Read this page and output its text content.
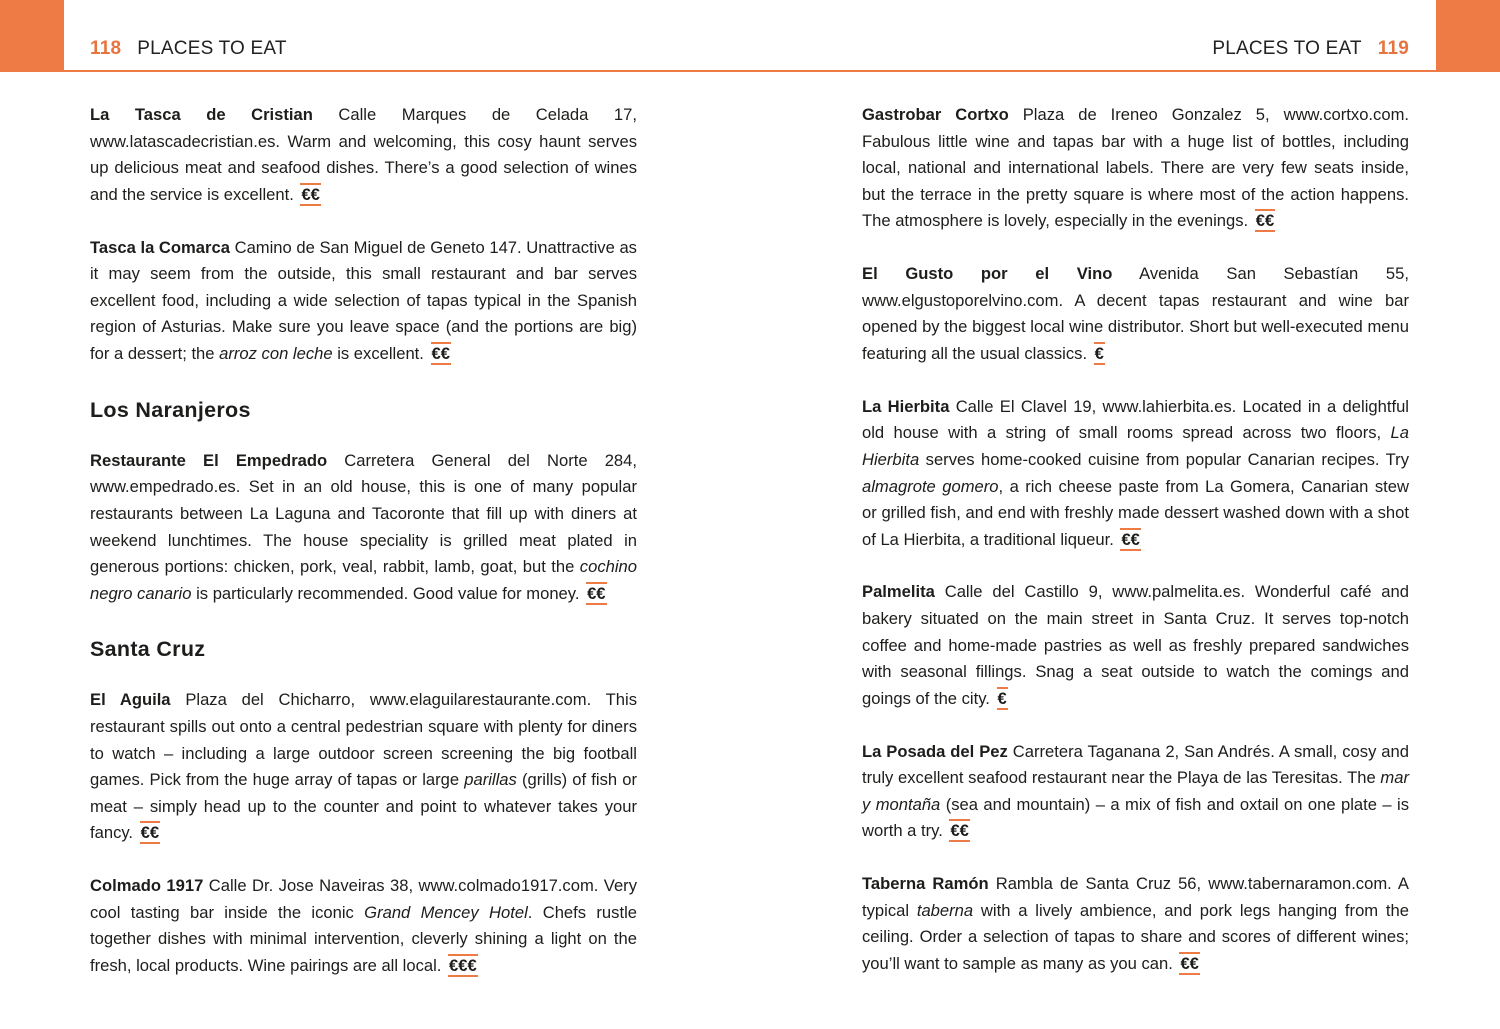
118 PLACES TO EAT	PLACES TO EAT 119

La Tasca de Cristian Calle Marques de Celada 17, www.latascadecristian.es. Warm and welcoming, this cosy haunt serves up delicious meat and seafood dishes. There’s a good selection of wines and the service is excellent. €€

Tasca la Comarca Camino de San Miguel de Geneto 147. Unattractive as it may seem from the outside, this small restaurant and bar serves excellent food, including a wide selection of tapas typical in the Spanish region of Asturias. Make sure you leave space (and the portions are big) for a dessert; the arroz con leche is excellent. €€

Los Naranjeros

Restaurante El Empedrado Carretera General del Norte 284, www.empedrado.es. Set in an old house, this is one of many popular restaurants between La Laguna and Tacoronte that fill up with diners at weekend lunchtimes. The house speciality is grilled meat plated in generous portions: chicken, pork, veal, rabbit, lamb, goat, but the cochino negro canario is particularly recommended. Good value for money. €€

Santa Cruz

El Aguila Plaza del Chicharro, www.elaguilarestaurante.com. This restaurant spills out onto a central pedestrian square with plenty for diners to watch – including a large outdoor screen screening the big football games. Pick from the huge array of tapas or large parillas (grills) of fish or meat – simply head up to the counter and point to whatever takes your fancy. €€

Colmado 1917 Calle Dr. Jose Naveiras 38, www.colmado1917.com. Very cool tasting bar inside the iconic Grand Mencey Hotel. Chefs rustle together dishes with minimal intervention, cleverly shining a light on the fresh, local products. Wine pairings are all local. €€€

Gastrobar Cortxo Plaza de Ireneo Gonzalez 5, www.cortxo.com. Fabulous little wine and tapas bar with a huge list of bottles, including local, national and international labels. There are very few seats inside, but the terrace in the pretty square is where most of the action happens. The atmosphere is lovely, especially in the evenings. €€

El Gusto por el Vino Avenida San Sebastían 55, www.elgustoporelvino.com. A decent tapas restaurant and wine bar opened by the biggest local wine distributor. Short but well-executed menu featuring all the usual classics. €

La Hierbita Calle El Clavel 19, www.lahierbita.es. Located in a delightful old house with a string of small rooms spread across two floors, La Hierbita serves home-cooked cuisine from popular Canarian recipes. Try almagrote gomero, a rich cheese paste from La Gomera, Canarian stew or grilled fish, and end with freshly made dessert washed down with a shot of La Hierbita, a traditional liqueur. €€

Palmelita Calle del Castillo 9, www.palmelita.es. Wonderful café and bakery situated on the main street in Santa Cruz. It serves top-notch coffee and home-made pastries as well as freshly prepared sandwiches with seasonal fillings. Snag a seat outside to watch the comings and goings of the city. €

La Posada del Pez Carretera Taganana 2, San Andrés. A small, cosy and truly excellent seafood restaurant near the Playa de las Teresitas. The mar y montaña (sea and mountain) – a mix of fish and oxtail on one plate – is worth a try. €€

Taberna Ramón Rambla de Santa Cruz 56, www.tabernaramon.com. A typical taberna with a lively ambience, and pork legs hanging from the ceiling. Order a selection of tapas to share and scores of different wines; you’ll want to sample as many as you can. €€
